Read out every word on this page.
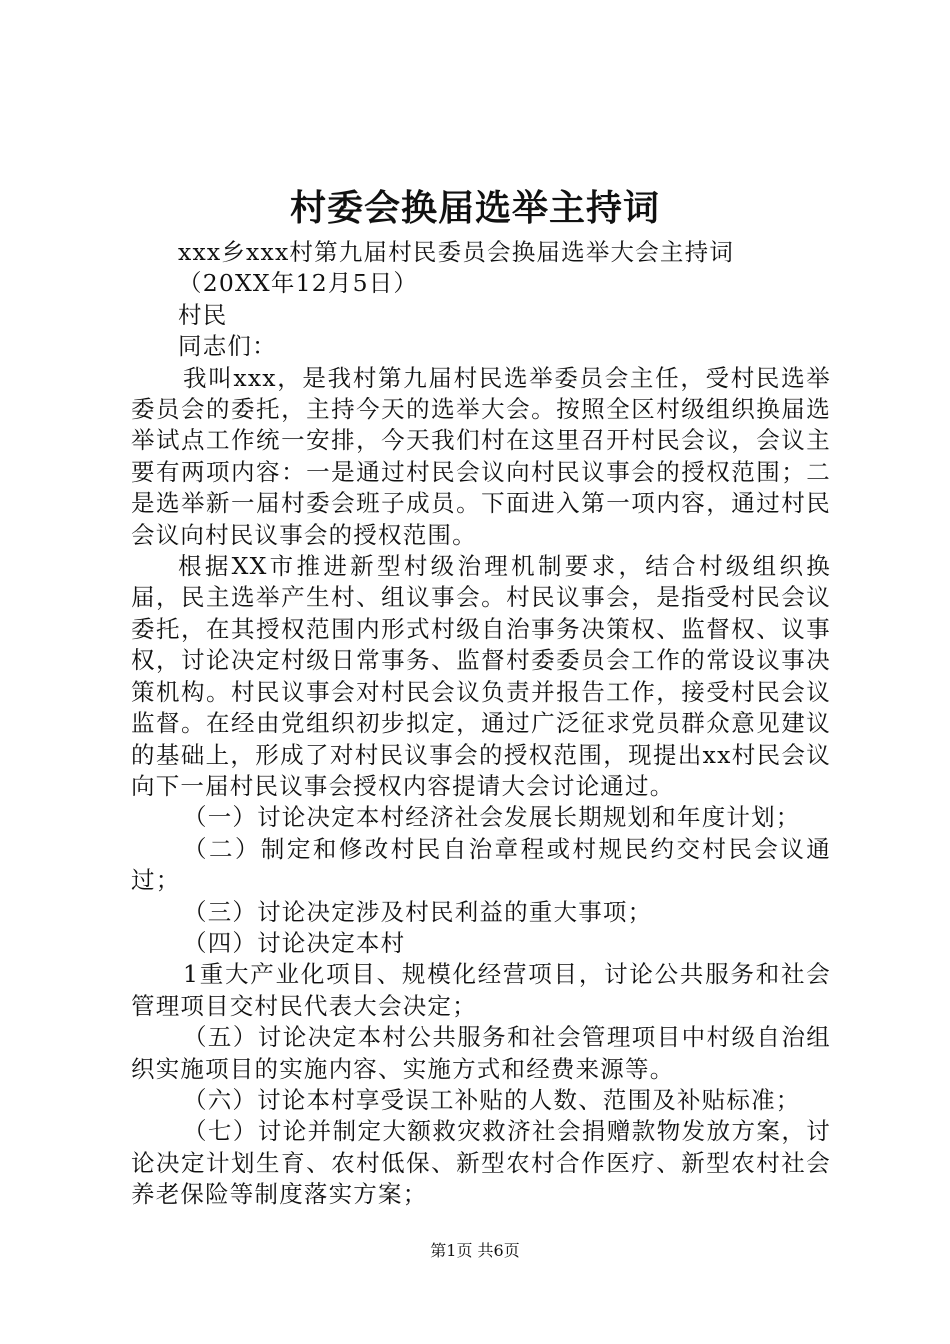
村委会换届选举主持词

xxx乡xxx村第九届村民委员会换届选举大会主持词

（20XX年12月5日）

村民

同志们：

我叫xxx，是我村第九届村民选举委员会主任，受村民选举委员会的委托，主持今天的选举大会。按照全区村级组织换届选举试点工作统一安排，今天我们村在这里召开村民会议，会议主要有两项内容：一是通过村民会议向村民议事会的授权范围；二是选举新一届村委会班子成员。下面进入第一项内容，通过村民会议向村民议事会的授权范围。

根据XX市推进新型村级治理机制要求，结合村级组织换届，民主选举产生村、组议事会。村民议事会，是指受村民会议委托，在其授权范围内形式村级自治事务决策权、监督权、议事权，讨论决定村级日常事务、监督村委委员会工作的常设议事决策机构。村民议事会对村民会议负责并报告工作，接受村民会议监督。在经由党组织初步拟定，通过广泛征求党员群众意见建议的基础上，形成了对村民议事会的授权范围，现提出xx村民会议向下一届村民议事会授权内容提请大会讨论通过。

（一）讨论决定本村经济社会发展长期规划和年度计划；

（二）制定和修改村民自治章程或村规民约交村民会议通过；

（三）讨论决定涉及村民利益的重大事项；

（四）讨论决定本村

1重大产业化项目、规模化经营项目，讨论公共服务和社会管理项目交村民代表大会决定；

（五）讨论决定本村公共服务和社会管理项目中村级自治组织实施项目的实施内容、实施方式和经费来源等。

（六）讨论本村享受误工补贴的人数、范围及补贴标准；

（七）讨论并制定大额救灾救济社会捐赠款物发放方案，讨论决定计划生育、农村低保、新型农村合作医疗、新型农村社会养老保险等制度落实方案；

第1页 共6页
